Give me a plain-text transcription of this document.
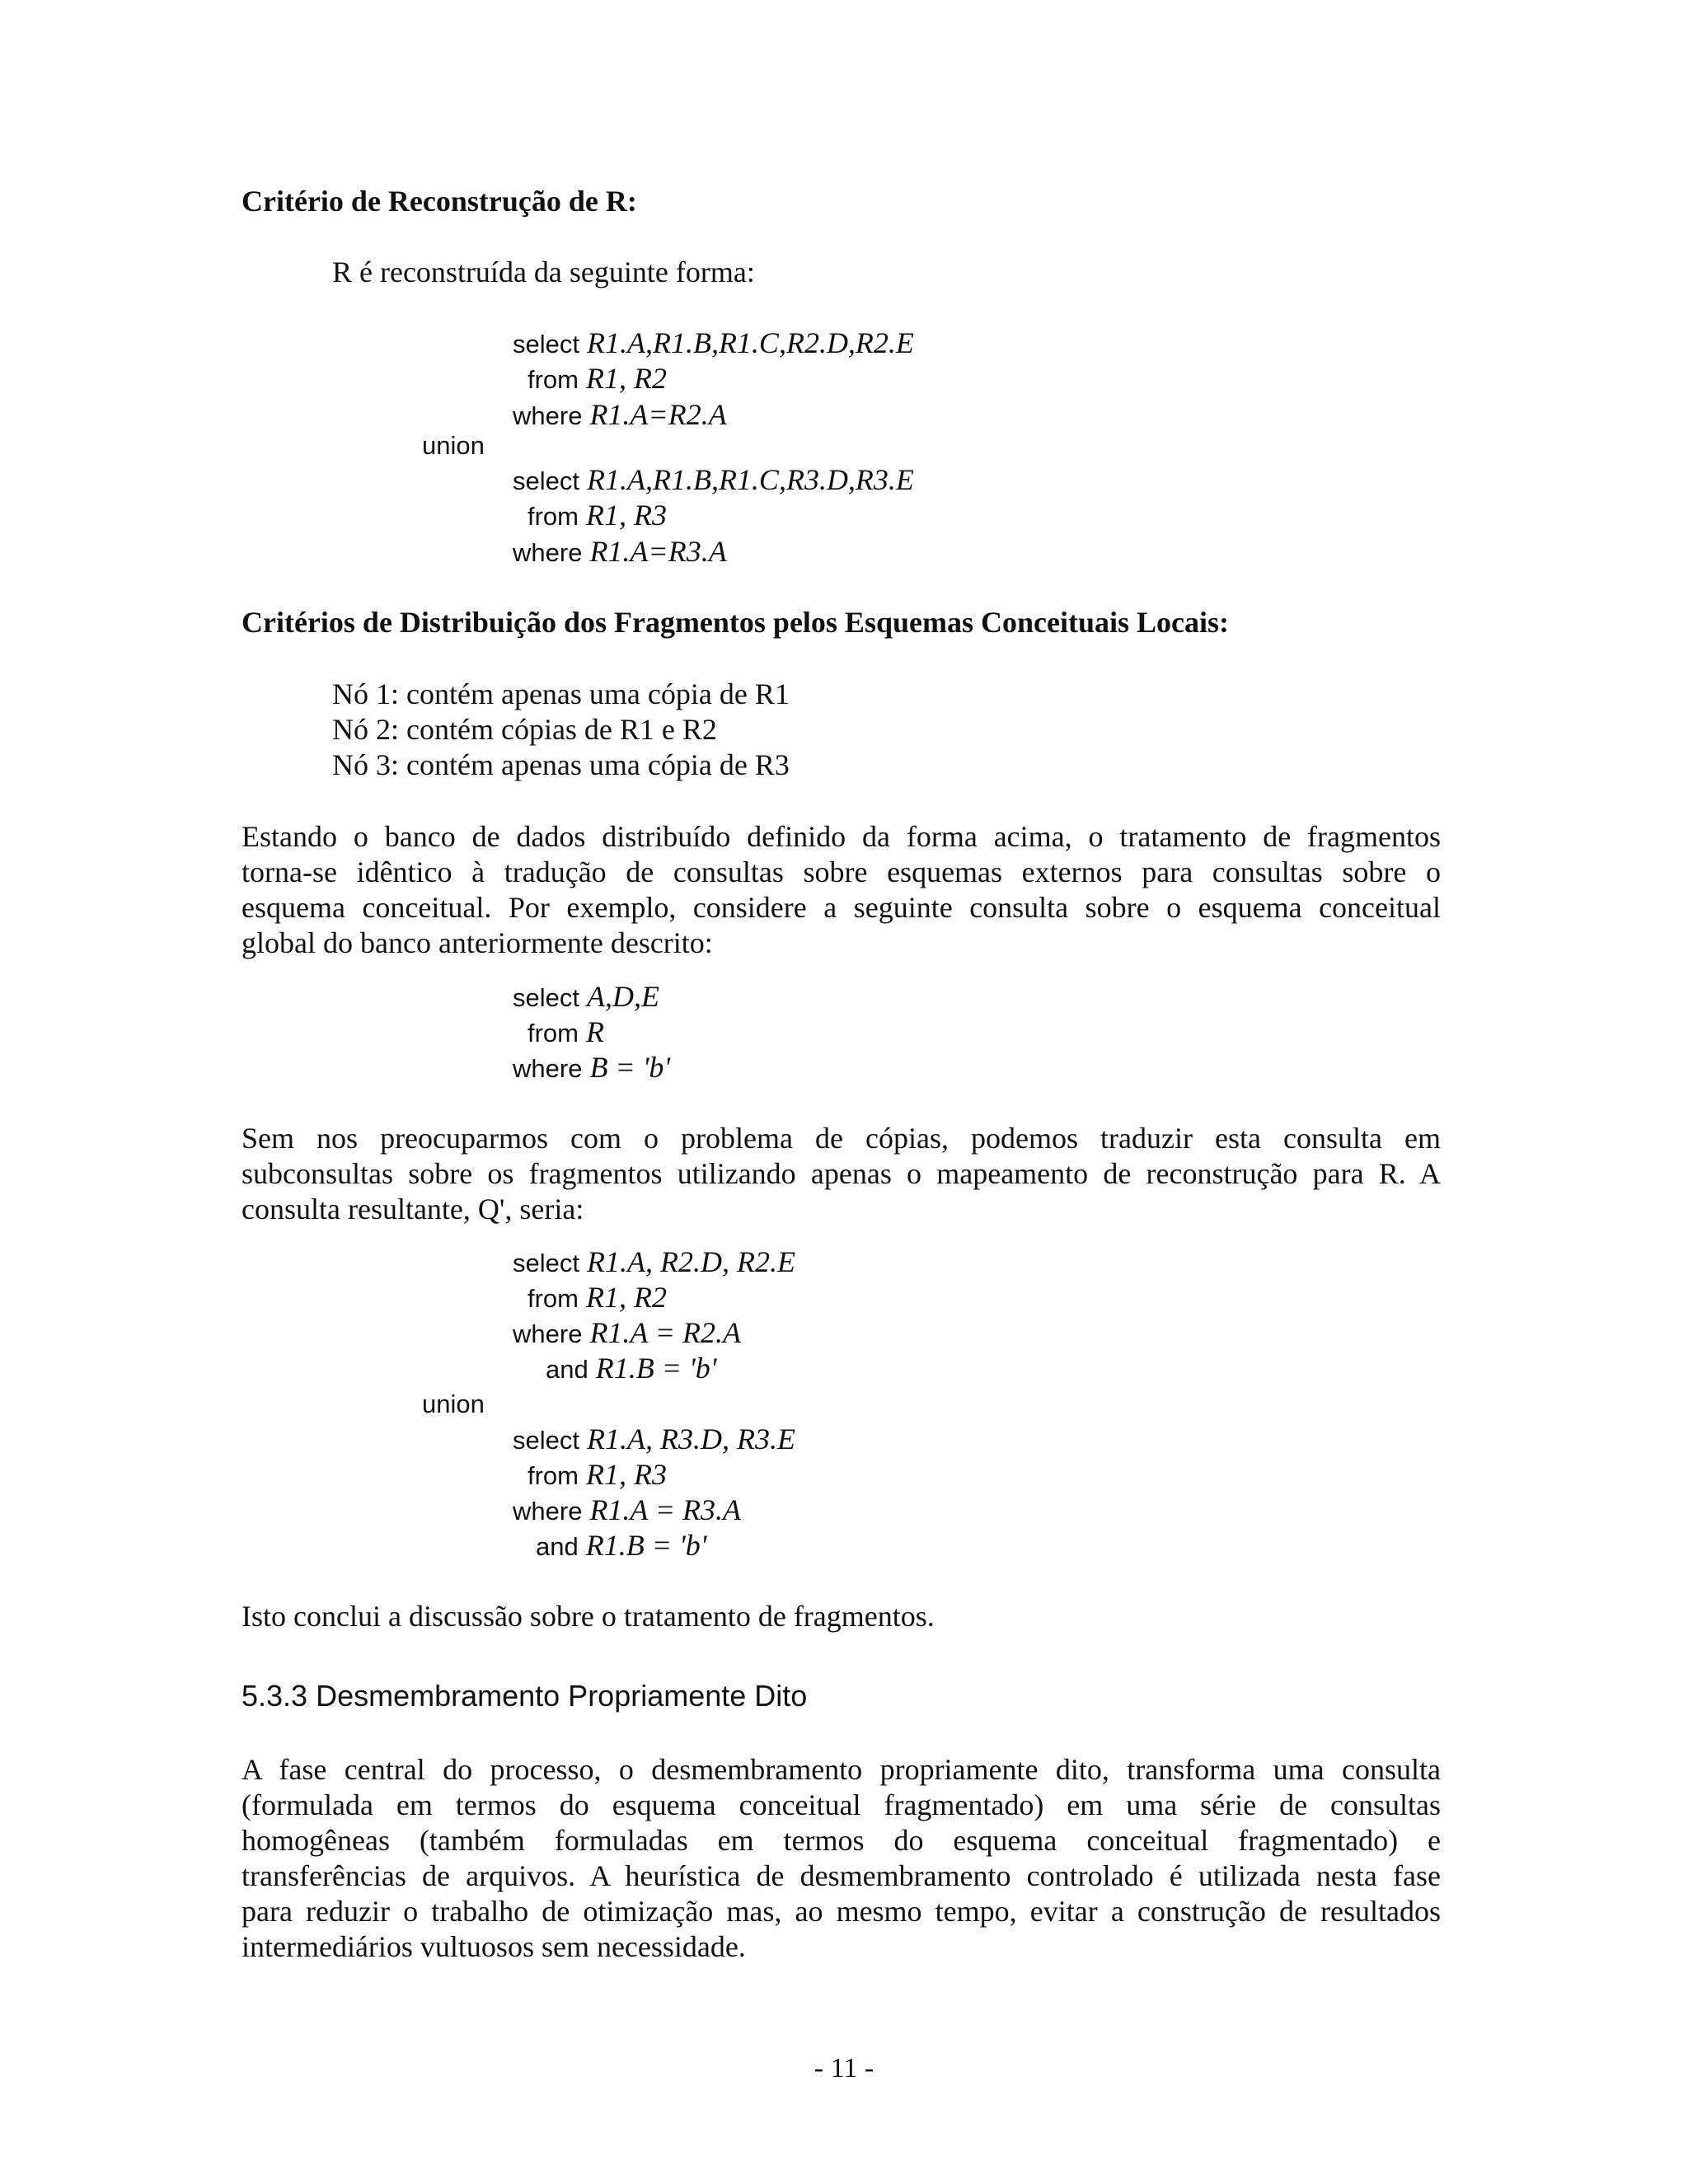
Critério de Reconstrução de R:
R é reconstruída da seguinte forma:
select R1.A,R1.B,R1.C,R2.D,R2.E
from R1, R2
where R1.A=R2.A
union
select R1.A,R1.B,R1.C,R3.D,R3.E
from R1, R3
where R1.A=R3.A
Critérios de Distribuição dos Fragmentos pelos Esquemas Conceituais Locais:
Nó 1: contém apenas uma cópia de R1
Nó 2: contém cópias de R1 e R2
Nó 3: contém apenas uma cópia de R3
Estando o banco de dados distribuído definido da forma acima, o tratamento de fragmentos
torna-se idêntico à tradução de consultas sobre esquemas externos para consultas sobre o
esquema conceitual. Por exemplo, considere a seguinte consulta sobre o esquema conceitual
global do banco anteriormente descrito:
select A,D,E
from R
where B = 'b'
Sem nos preocuparmos com o problema de cópias, podemos traduzir esta consulta em
subconsultas sobre os fragmentos utilizando apenas o mapeamento de reconstrução para R. A
consulta resultante, Q', seria:
select R1.A, R2.D, R2.E
from R1, R2
where R1.A = R2.A
and R1.B = 'b'
union
select R1.A, R3.D, R3.E
from R1, R3
where R1.A = R3.A
and R1.B = 'b'
Isto conclui a discussão sobre o tratamento de fragmentos.
5.3.3 Desmembramento Propriamente Dito
A fase central do processo, o desmembramento propriamente dito, transforma uma consulta
(formulada em termos do esquema conceitual fragmentado) em uma série de consultas
homogêneas (também formuladas em termos do esquema conceitual fragmentado) e
transferências de arquivos. A heurística de desmembramento controlado é utilizada nesta fase
para reduzir o trabalho de otimização mas, ao mesmo tempo, evitar a construção de resultados
intermediários vultuosos sem necessidade.
- 11 -
